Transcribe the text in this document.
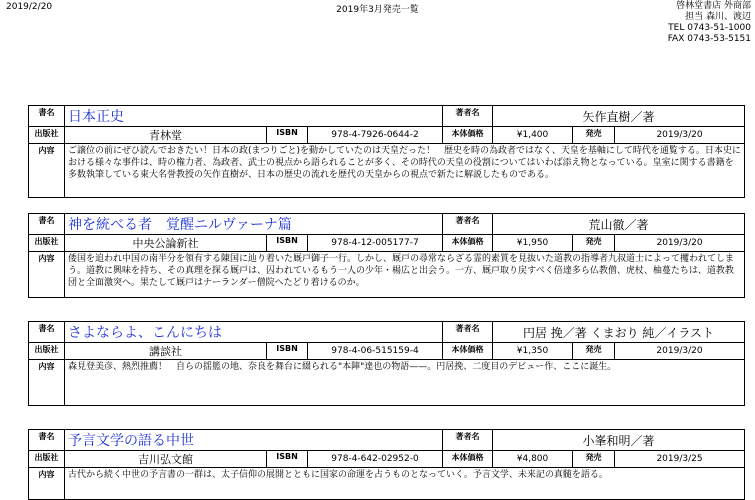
2019/2/20	2019年3月発売一覧	啓林堂書店 外商部
担当 森川、渡辺
TEL 0743-51-1000
FAX 0743-53-5151
書名	日本正史			著者名	矢作直樹／著		
出版社	青林堂	ISBN	978-4-7926-0644-2	本体価格	¥1,400	発売	2019/3/20
内容	ご譲位の前にぜひ読んでおきたい！日本の政(まつりごと)を動かしていたのは天皇だった！　歴史を時の為政者ではなく、天皇を基軸にして時代を通覧する。日本史における様々な事件は、時の権力者、為政者、武士の視点から語られることが多く、その時代の天皇の役割についてはいわば添え物となっている。皇室に関する書籍を多数執筆している東大名誉教授の矢作直樹が、日本の歴史の流れを歴代の天皇からの視点で新たに解説したものである。						
書名	神を統べる者　覚醒ニルヴァーナ篇			著者名	荒山徹／著		
出版社	中央公論新社	ISBN	978-4-12-005177-7	本体価格	¥1,950	発売	2019/3/20
内容	倭国を追われ中国の南半分を領有する陳国に辿り着いた厩戸御子一行。しかし、厩戸の尋常ならざる霊的素質を見抜いた道教の指導者九叔道士によって攫われてしまう。道教に興味を持ち、その真理を探る厩戸は、囚われているもう一人の少年・楊広と出会う。一方、厩戸取り戻すべく倍達多ら仏教僧、虎杖、柚蔓たちは、道教教団と全面激突へ。果たして厩戸はナーランダー僧院へたどり着けるのか。						
書名	さよならよ、こんにちは			著者名	円居 挽／著 くまおり 純／イラスト		
出版社	講談社	ISBN	978-4-06-515159-4	本体価格	¥1,350	発売	2019/3/20
内容	森見登美彦、熱烈推薦！　自らの揺籃の地、奈良を舞台に綴られる"本陣"達也の物語——。円居挽、二度目のデビュー作、ここに誕生。						
書名	予言文学の語る中世			著者名	小峯和明／著		
出版社	吉川弘文館	ISBN	978-4-642-02952-0	本体価格	¥4,800	発売	2019/3/25
内容	古代から続く中世の予言書の一群は、太子信仰の展開とともに国家の命運を占うものとなっていく。予言文学、未来記の真髄を語る。						
